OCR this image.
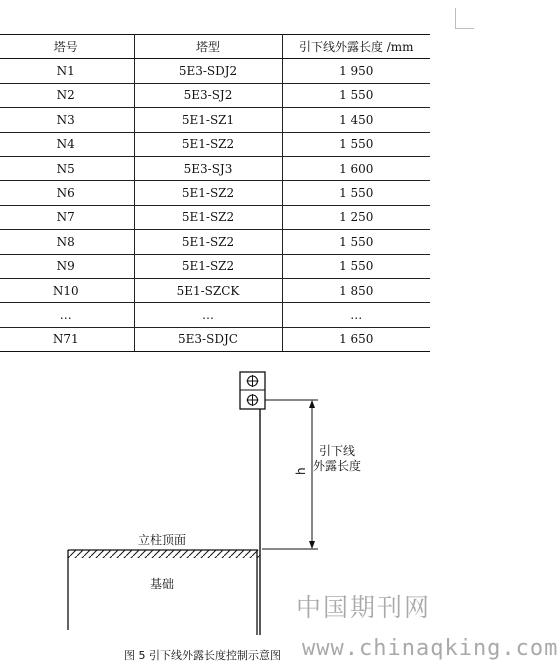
塔号	塔型	引下线外露长度 /mm
N1	5E3-SDJ2	1 950
N2	5E3-SJ2	1 550
N3	5E1-SZ1	1 450
N4	5E1-SZ2	1 550
N5	5E3-SJ3	1 600
N6	5E1-SZ2	1 550
N7	5E1-SZ2	1 250
N8	5E1-SZ2	1 550
N9	5E1-SZ2	1 550
N10	5E1-SZCK	1 850
…	…	…
N71	5E3-SDJC	1 650
h
引下线
外露长度
立柱顶面
基础
中国期刊网
www.chinaqking.com
图 5 引下线外露长度控制示意图
